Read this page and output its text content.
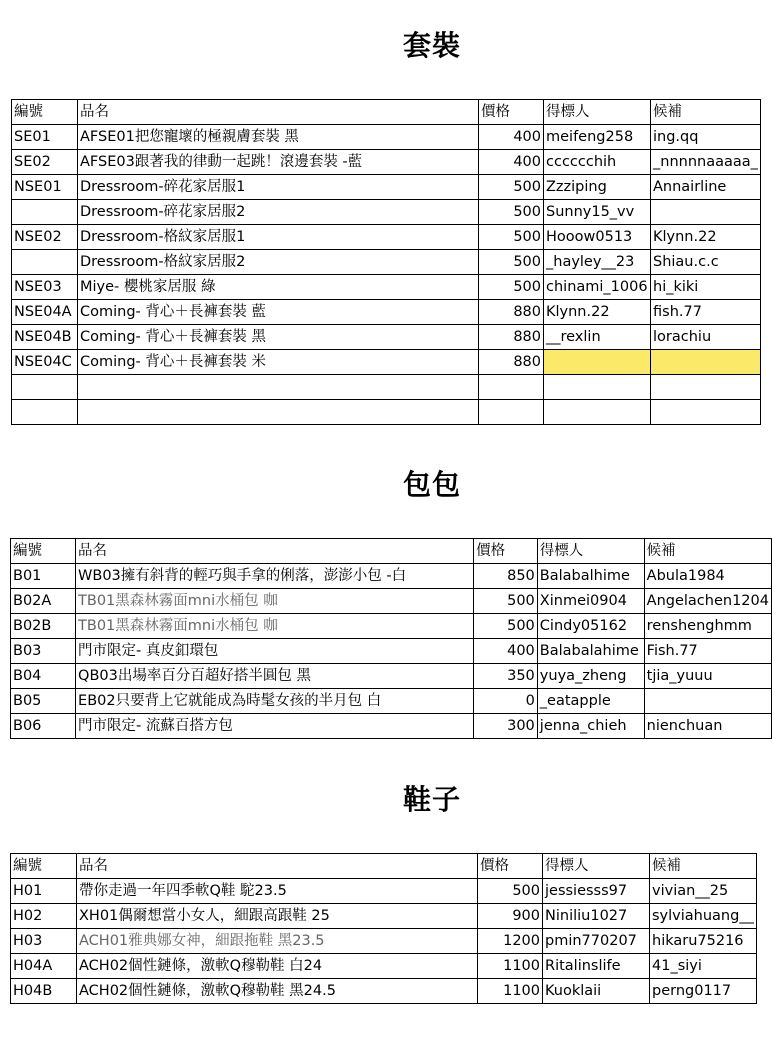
套裝
編號	品名	價格	得標人	候補
SE01	AFSE01把您寵壞的極親膚套裝 黑	400	meifeng258	ing.qq
SE02	AFSE03跟著我的律動一起跳！滾邊套裝 -藍	400	cccccchih	_nnnnnaaaaa_
NSE01	Dressroom-碎花家居服1	500	Zzziping	Annairline
	Dressroom-碎花家居服2	500	Sunny15_vv	
NSE02	Dressroom-格紋家居服1	500	Hooow0513	Klynn.22
	Dressroom-格紋家居服2	500	_hayley__23	Shiau.c.c
NSE03	Miye- 櫻桃家居服 綠	500	chinami_1006	hi_kiki
NSE04A	Coming- 背心＋長褲套裝 藍	880	Klynn.22	fish.77
NSE04B	Coming- 背心＋長褲套裝 黑	880	__rexlin	lorachiu
NSE04C	Coming- 背心＋長褲套裝 米	880		

包包
編號	品名	價格	得標人	候補
B01	WB03擁有斜背的輕巧與手拿的俐落，澎澎小包 -白	850	Balabalhime	Abula1984
B02A	TB01黑森林霧面mni水桶包 咖	500	Xinmei0904	Angelachen1204
B02B	TB01黑森林霧面mni水桶包 咖	500	Cindy05162	renshenghmm
B03	門市限定- 真皮釦環包	400	Balabalahime	Fish.77
B04	QB03出場率百分百超好搭半圓包 黑	350	yuya_zheng	tjia_yuuu
B05	EB02只要背上它就能成為時髦女孩的半月包 白	0	_eatapple	
B06	門市限定- 流蘇百搭方包	300	jenna_chieh	nienchuan
鞋子
編號	品名	價格	得標人	候補
H01	帶你走過一年四季軟Q鞋 駝23.5	500	jessiesss97	vivian__25
H02	XH01偶爾想當小女人，細跟高跟鞋 25	900	Niniliu1027	sylviahuang__
H03	ACH01雅典娜女神，細跟拖鞋 黑23.5	1200	pmin770207	hikaru75216
H04A	ACH02個性鏈條，激軟Q穆勒鞋 白24	1100	Ritalinslife	41_siyi
H04B	ACH02個性鏈條，激軟Q穆勒鞋 黑24.5	1100	Kuoklaii	perng0117
